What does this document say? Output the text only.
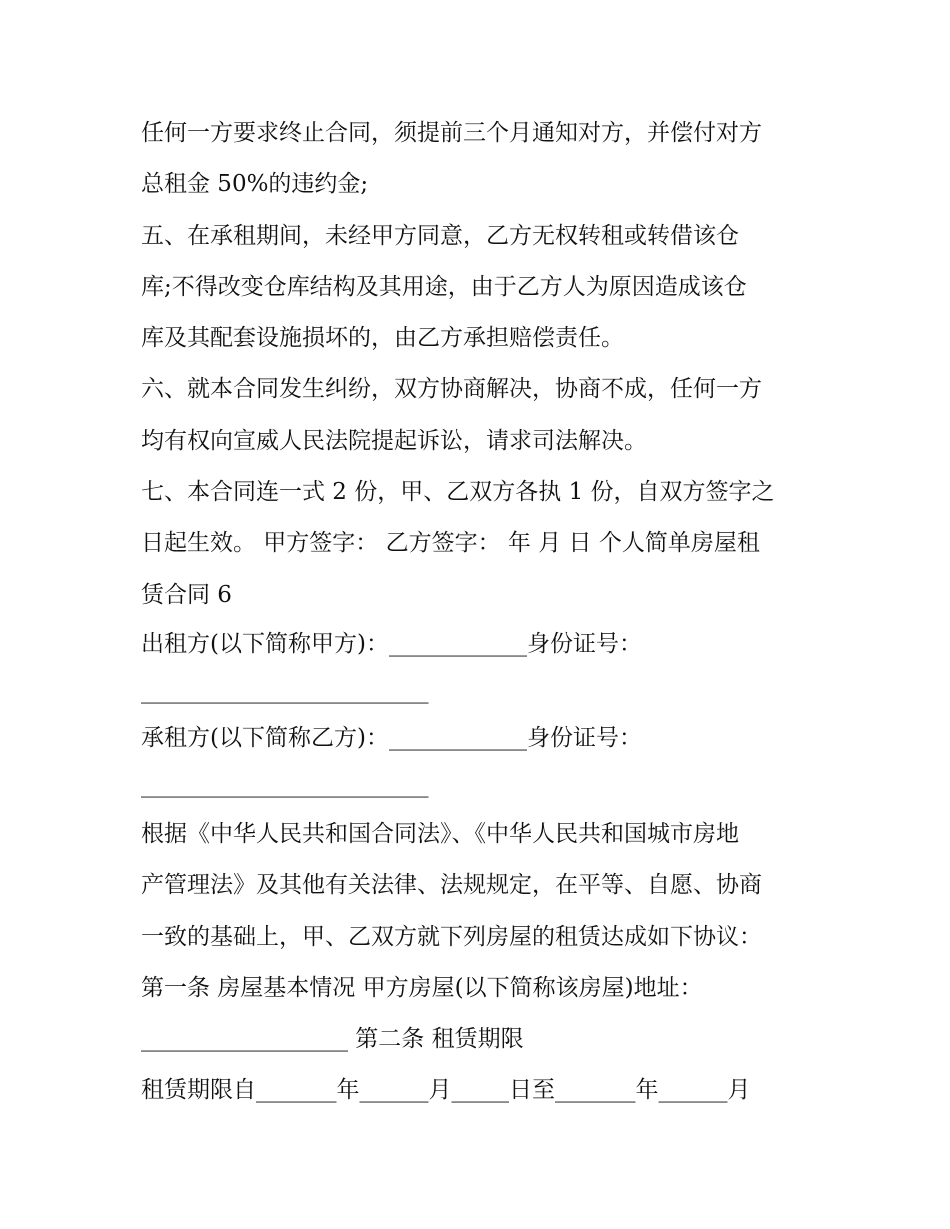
任何一方要求终止合同，须提前三个月通知对方，并偿付对方
总租金 50%的违约金;
五、在承租期间，未经甲方同意，乙方无权转租或转借该仓
库;不得改变仓库结构及其用途，由于乙方人为原因造成该仓
库及其配套设施损坏的，由乙方承担赔偿责任。
六、就本合同发生纠纷，双方协商解决，协商不成，任何一方
均有权向宣威人民法院提起诉讼，请求司法解决。
七、本合同连一式 2 份，甲、乙双方各执 1 份，自双方签字之
日起生效。 甲方签字： 乙方签字： 年 月 日 个人简单房屋租
赁合同 6
出租方(以下简称甲方)：____________身份证号：
_________________________
承租方(以下简称乙方)：____________身份证号：
_________________________
根据《中华人民共和国合同法》、《中华人民共和国城市房地
产管理法》及其他有关法律、法规规定，在平等、自愿、协商
一致的基础上，甲、乙双方就下列房屋的租赁达成如下协议：
第一条 房屋基本情况 甲方房屋(以下简称该房屋)地址：
__________________ 第二条 租赁期限
租赁期限自_______年______月_____日至_______年______月
